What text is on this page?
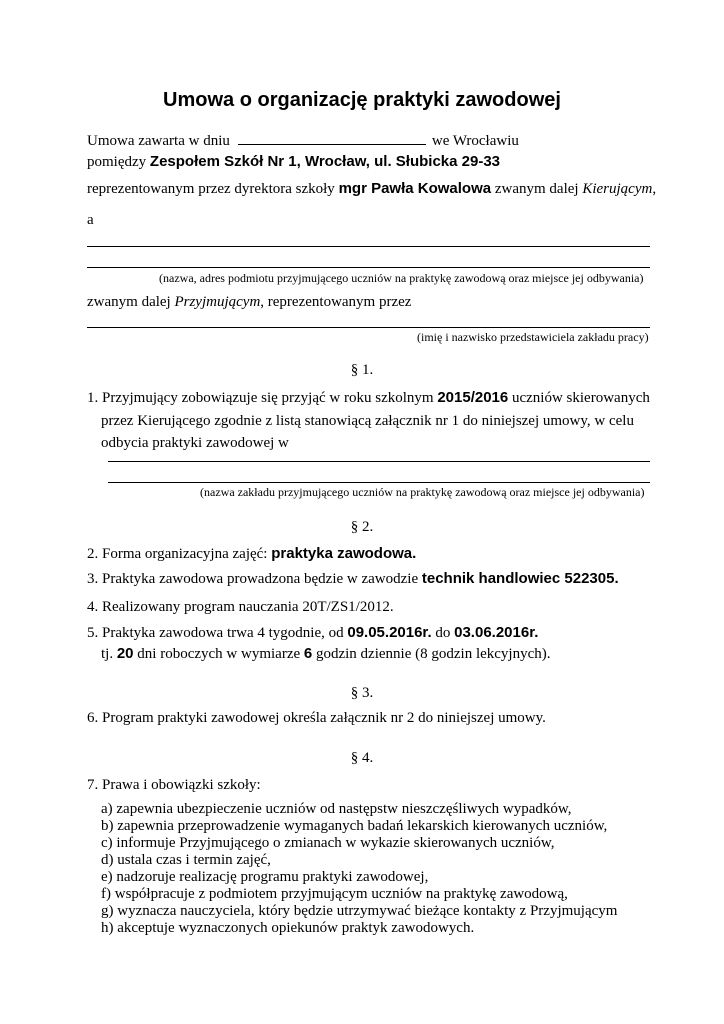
Umowa o organizację praktyki zawodowej
Umowa zawarta w dniu	we Wrocławiu
pomiędzy Zespołem Szkół Nr 1, Wrocław, ul. Słubicka 29-33
reprezentowanym przez dyrektora szkoły mgr Pawła Kowalowa zwanym dalej Kierującym,
a
(nazwa, adres podmiotu przyjmującego uczniów na praktykę zawodową oraz miejsce jej odbywania)
zwanym dalej Przyjmującym, reprezentowanym przez
(imię i nazwisko przedstawiciela zakładu pracy)
§ 1.
1. Przyjmujący zobowiązuje się przyjąć w roku szkolnym 2015/2016 uczniów skierowanych
przez Kierującego zgodnie z listą stanowiącą załącznik nr 1 do niniejszej umowy, w celu
odbycia praktyki zawodowej w
(nazwa zakładu przyjmującego uczniów na praktykę zawodową oraz miejsce jej odbywania)
§ 2.
2. Forma organizacyjna zajęć: praktyka zawodowa.
3. Praktyka zawodowa prowadzona będzie w zawodzie technik handlowiec 522305.
4. Realizowany program nauczania 20T/ZS1/2012.
5. Praktyka zawodowa trwa 4 tygodnie, od 09.05.2016r. do 03.06.2016r.
tj. 20 dni roboczych w wymiarze 6 godzin dziennie (8 godzin lekcyjnych).
§ 3.
6. Program praktyki zawodowej określa załącznik nr 2 do niniejszej umowy.
§ 4.
7. Prawa i obowiązki szkoły:
a) zapewnia ubezpieczenie uczniów od następstw nieszczęśliwych wypadków,
b) zapewnia przeprowadzenie wymaganych badań lekarskich kierowanych uczniów,
c) informuje Przyjmującego o zmianach w wykazie skierowanych uczniów,
d) ustala czas i termin zajęć,
e) nadzoruje realizację programu praktyki zawodowej,
f) współpracuje z podmiotem przyjmującym uczniów na praktykę zawodową,
g) wyznacza nauczyciela, który będzie utrzymywać bieżące kontakty z Przyjmującym
h) akceptuje wyznaczonych opiekunów praktyk zawodowych.
